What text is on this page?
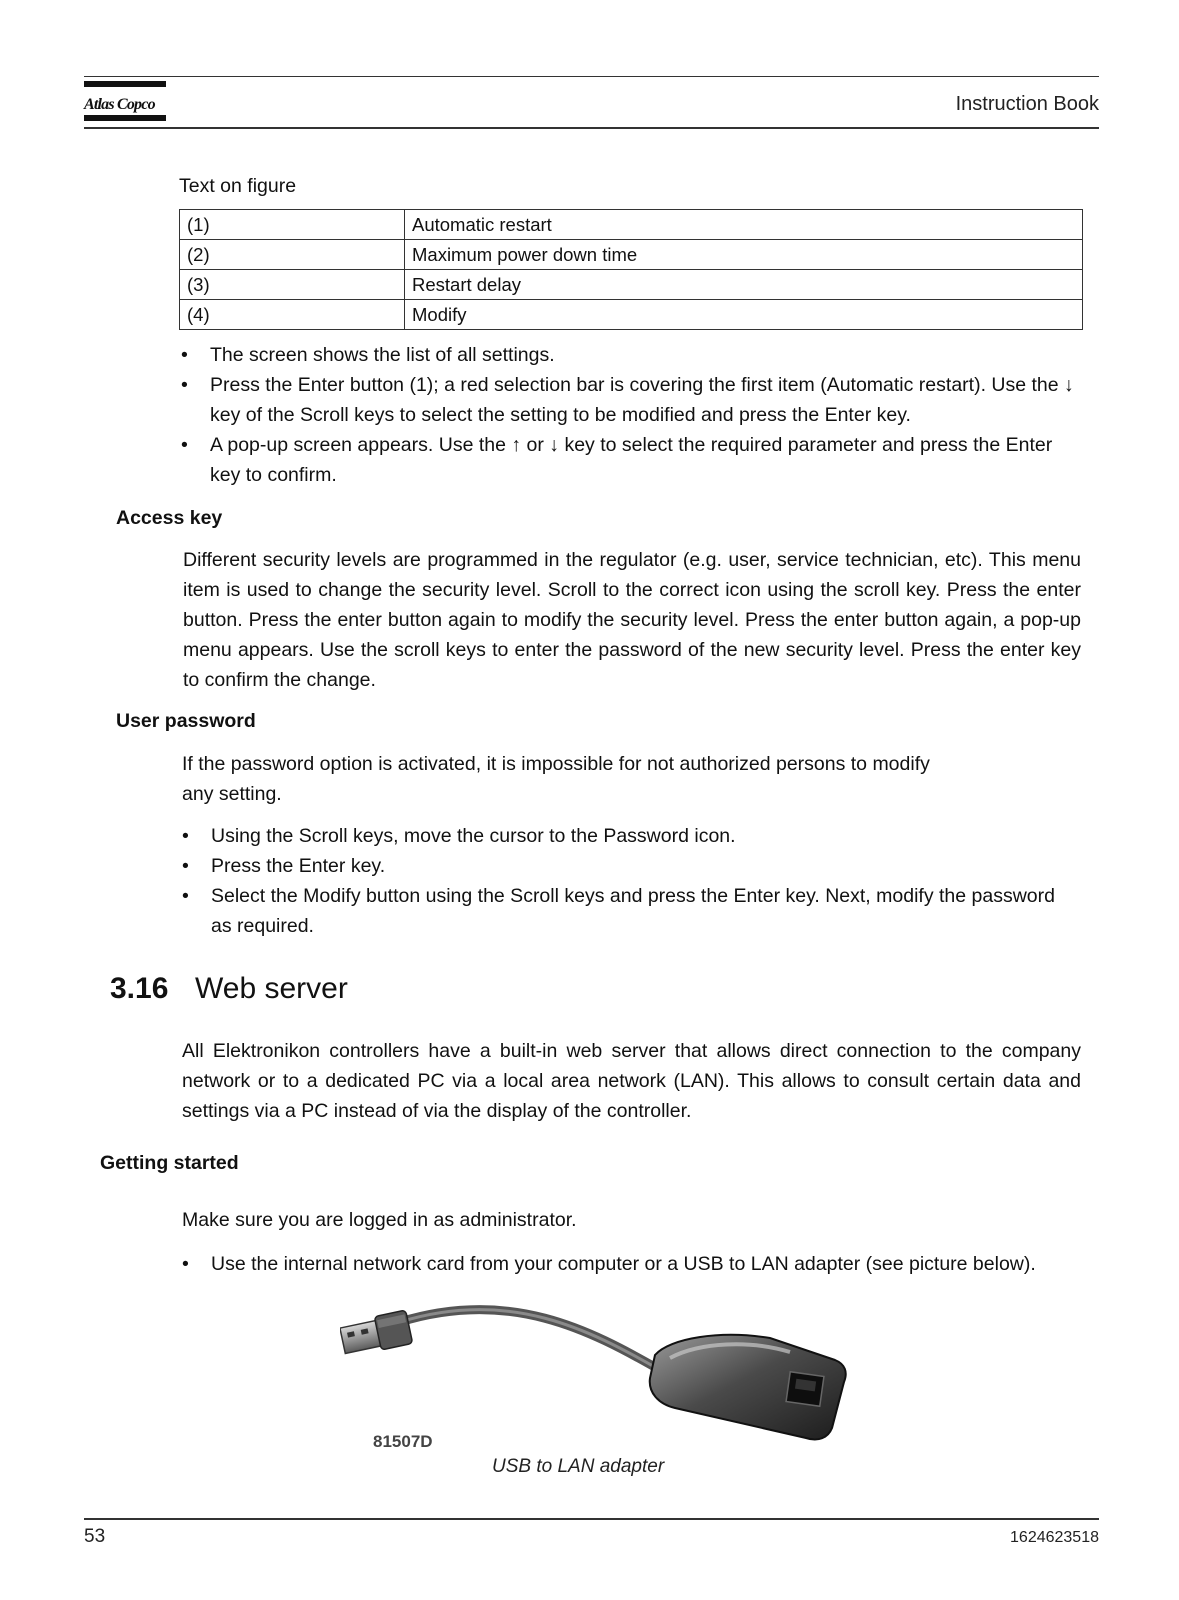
Atlas Copco	Instruction Book
Text on figure
(1)	Automatic restart
(2)	Maximum power down time
(3)	Restart delay
(4)	Modify
• The screen shows the list of all settings.
• Press the Enter button (1); a red selection bar is covering the first item (Automatic restart). Use the ↓ key of the Scroll keys to select the setting to be modified and press the Enter key.
• A pop-up screen appears. Use the ↑ or ↓ key to select the required parameter and press the Enter key to confirm.
Access key
Different security levels are programmed in the regulator (e.g. user, service technician, etc). This menu item is used to change the security level. Scroll to the correct icon using the scroll key. Press the enter button. Press the enter button again to modify the security level. Press the enter button again, a pop-up menu appears. Use the scroll keys to enter the password of the new security level. Press the enter key to confirm the change.
User password
If the password option is activated, it is impossible for not authorized persons to modify
any setting.
• Using the Scroll keys, move the cursor to the Password icon.
• Press the Enter key.
• Select the Modify button using the Scroll keys and press the Enter key. Next, modify the password as required.
3.16 Web server
All Elektronikon controllers have a built-in web server that allows direct connection to the company network or to a dedicated PC via a local area network (LAN). This allows to consult certain data and settings via a PC instead of via the display of the controller.
Getting started
Make sure you are logged in as administrator.
• Use the internal network card from your computer or a USB to LAN adapter (see picture below).
81507D
USB to LAN adapter
53	1624623518
